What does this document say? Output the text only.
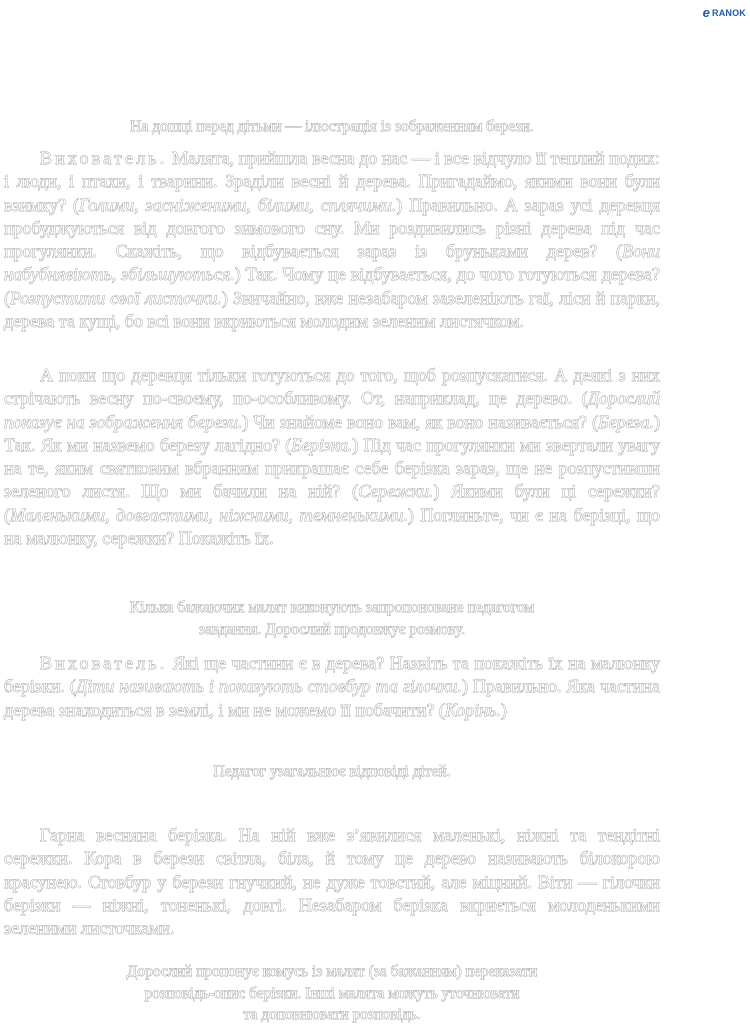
e RANOK

На дошці перед дітьми — ілюстрація із зображенням берези.

Вихователь. Малята, прийшла весна до нас — і все відчуло її теплий подих: і люди, і птахи, і тварини. Зраділи весні й дерева. Пригадаймо, якими вони були взимку? (Голими, засніженими, білими, сплячими.) Правильно. А зараз усі деревця пробуджуються від довгого зимового сну. Ми роздивились різні дерева під час прогулянки. Скажіть, що відбувається зараз із бруньками дерев? (Вони набубнявіють, збільшуються.) Так. Чому це відбувається, до чого готуються дерева? (Розпустити свої листочки.) Звичайно, вже незабаром зазеленіють гаї, ліси й парки, дерева та кущі, бо всі вони вкриються молодим зеленим листячком.

А поки що деревця тільки готуються до того, щоб розпускатися. А деякі з них стрічають весну по-своєму, по-особливому. От, наприклад, це дерево. (Дорослий показує на зображення берези.) Чи знайоме воно вам, як воно називається? (Береза.) Так. Як ми назвемо березу лагідно? (Берізка.) Під час прогулянки ми звертали увагу на те, яким святковим вбранням прикрашає себе берізка зараз, ще не розпустивши зеленого листя. Що ми бачили на ній? (Сережки.) Якими були ці сережки? (Маленькими, довгастими, ніжними, темненькими.) Погляньте, чи є на берізці, що на малюнку, сережки? Покажіть їх.

Кілька бажаючих малят виконують запропоноване педагогом
завдання. Дорослий продовжує розмову.

Вихователь. Які ще частини є в дерева? Назвіть та покажіть їх на малюнку берізки. (Діти називають і показують стовбур та гілочки.) Правильно. Яка частина дерева знаходиться в землі, і ми не можемо її побачити? (Корінь.)

Педагог узагальнює відповіді дітей.

Гарна весняна берізка. На ній вже з’явилися маленькі, ніжні та тендітні сережки. Кора в берези світла, біла, й тому це дерево називають білокорою красунею. Стовбур у берези гнучкий, не дуже товстий, але міцний. Віти — гілочки берізки — ніжні, тоненькі, довгі. Незабаром берізка вкриється молоденькими зеленими листочками.

Дорослий пропонує комусь із малят (за бажанням) переказати
розповідь-опис берізки. Інші малята можуть уточнювати
та доповнювати розповідь.
